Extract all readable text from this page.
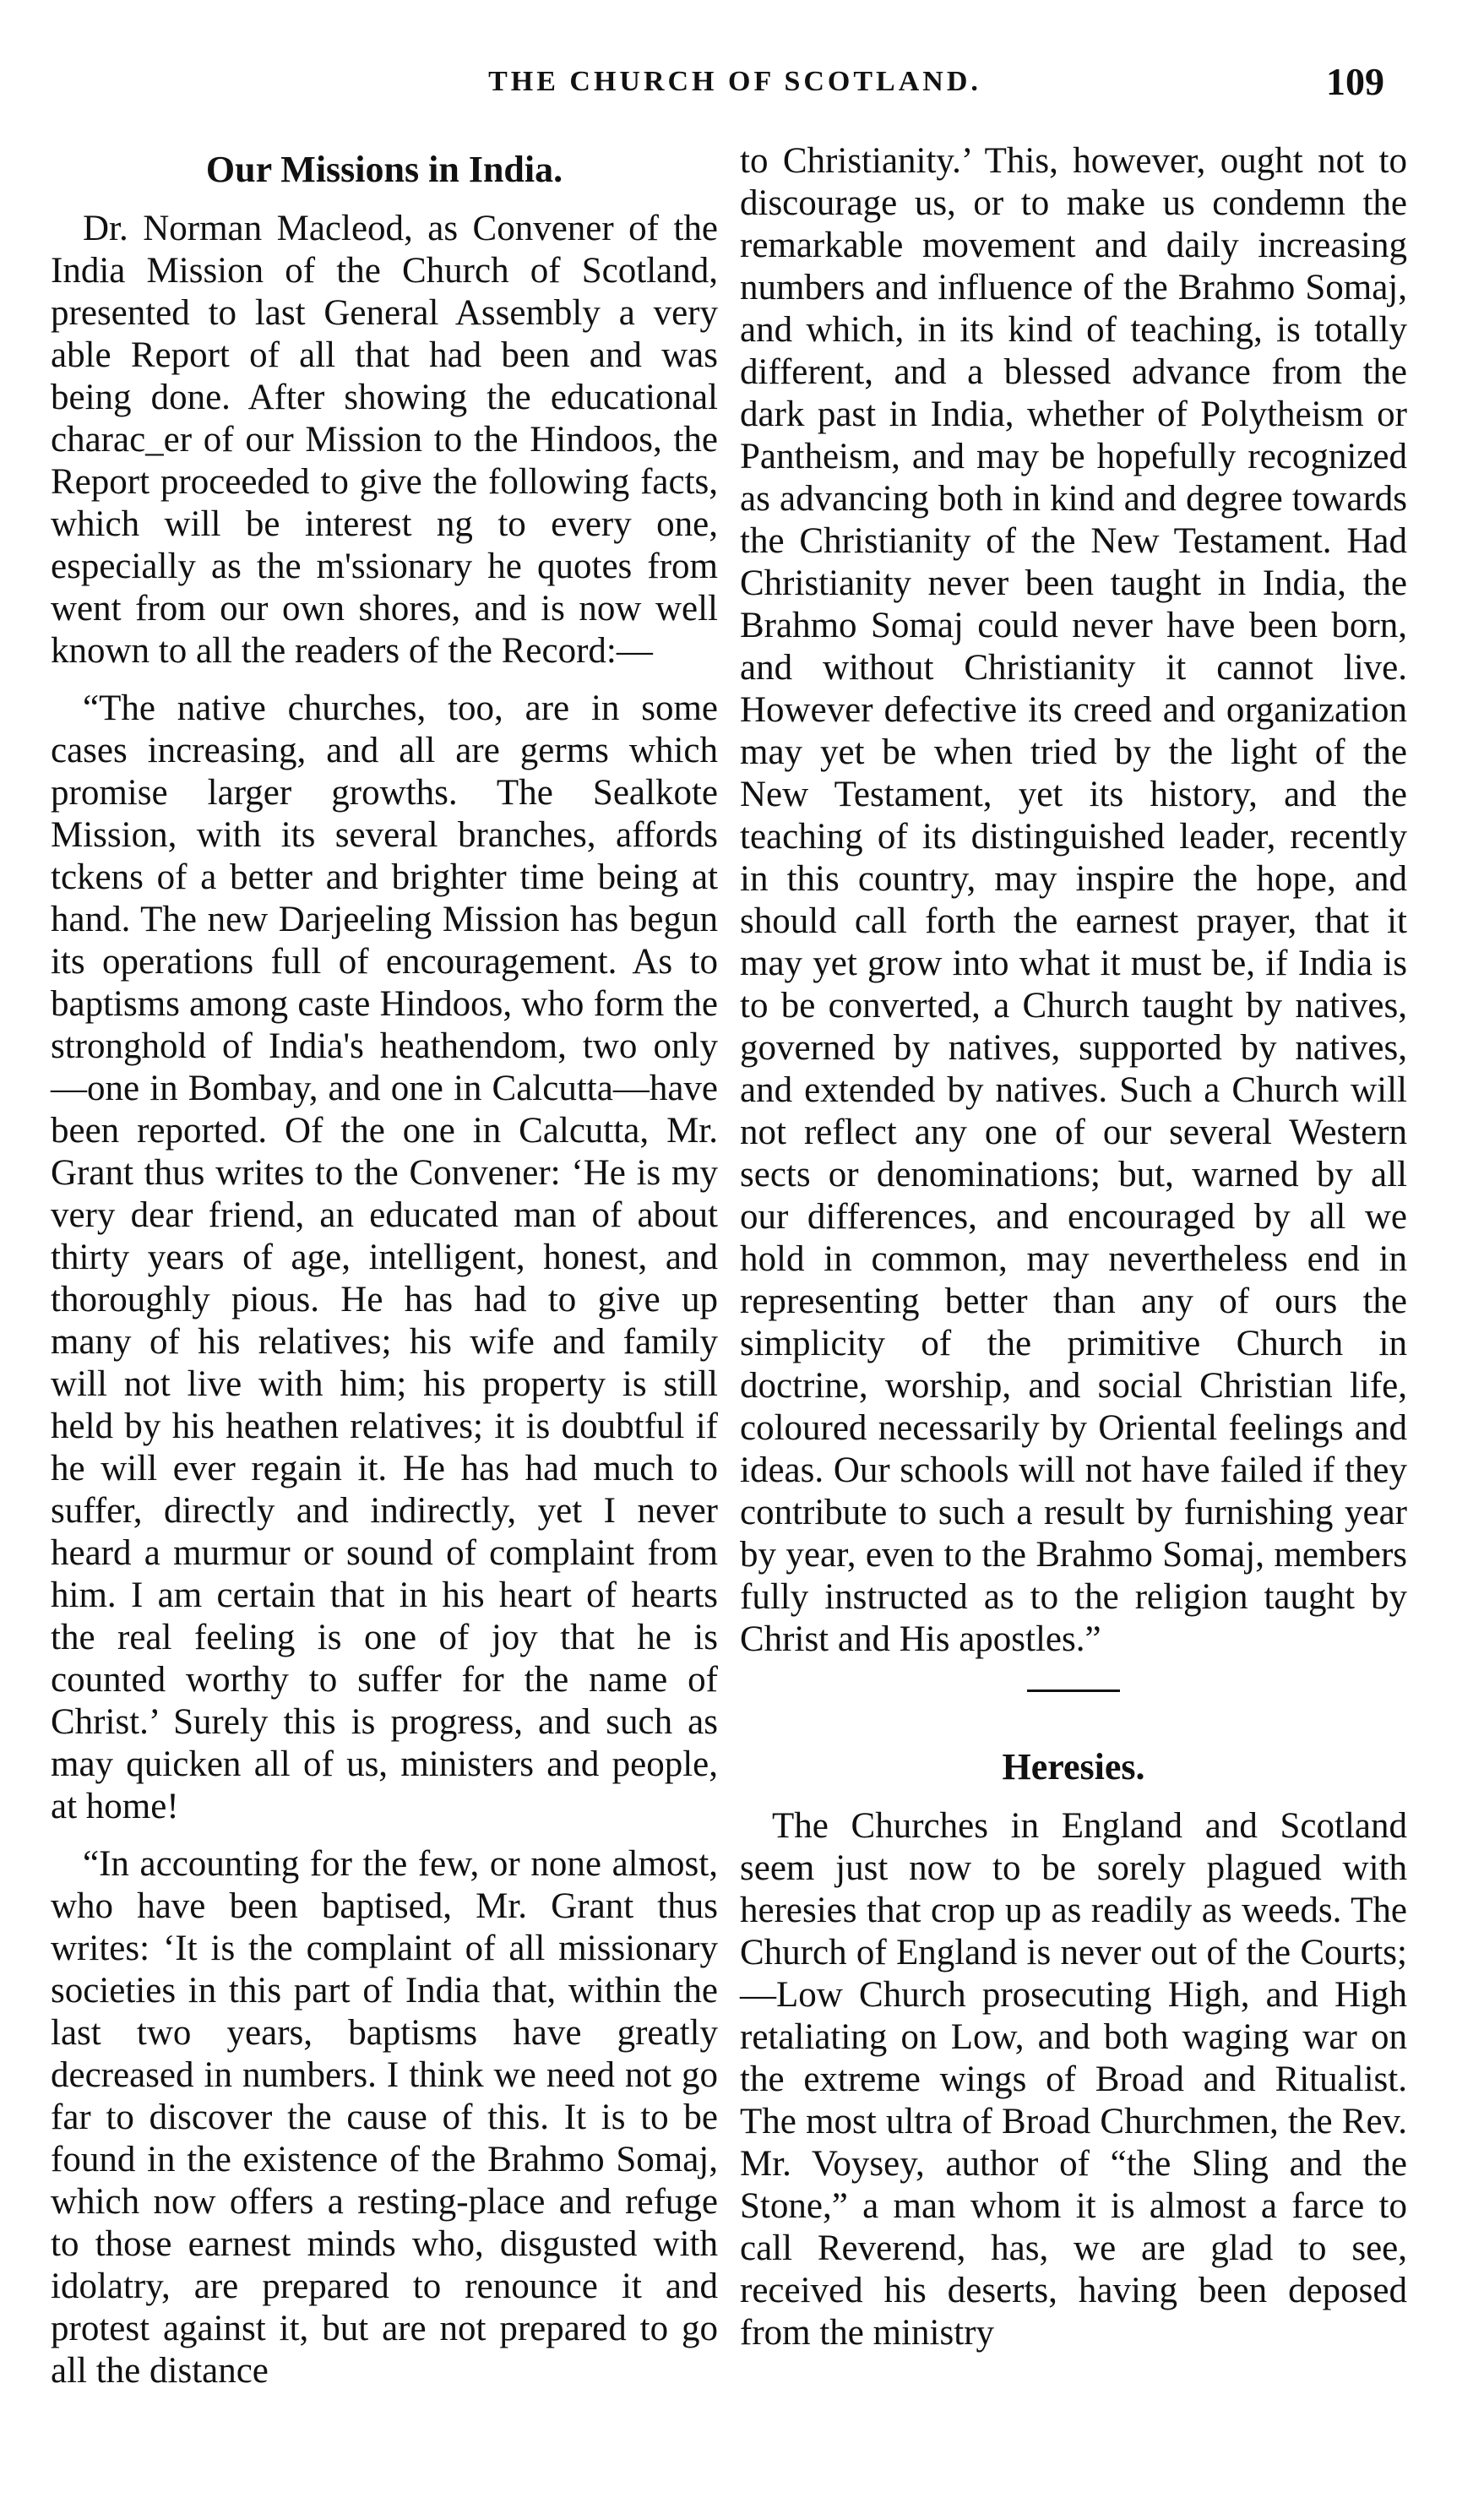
THE CHURCH OF SCOTLAND.	109
Our Missions in India.

Dr. Norman Macleod, as Convener of the India Mission of the Church of Scotland, presented to last General Assembly a very able Report of all that had been and was being done. After showing the educational charac_er of our Mission to the Hindoos, the Report proceeded to give the following facts, which will be interest ng to every one, especially as the m'ssionary he quotes from went from our own shores, and is now well known to all the readers of the Record:—

“The native churches, too, are in some cases increasing, and all are germs which promise larger growths. The Sealkote Mission, with its several branches, affords tckens of a better and brighter time being at hand. The new Darjeeling Mission has begun its operations full of encouragement. As to baptisms among caste Hindoos, who form the stronghold of India's heathendom, two only—one in Bombay, and one in Calcutta—have been reported. Of the one in Calcutta, Mr. Grant thus writes to the Convener: ‘He is my very dear friend, an educated man of about thirty years of age, intelligent, honest, and thoroughly pious. He has had to give up many of his relatives; his wife and family will not live with him; his property is still held by his heathen relatives; it is doubtful if he will ever regain it. He has had much to suffer, directly and indirectly, yet I never heard a murmur or sound of complaint from him. I am certain that in his heart of hearts the real feeling is one of joy that he is counted worthy to suffer for the name of Christ.’ Surely this is progress, and such as may quicken all of us, ministers and people, at home!

“In accounting for the few, or none almost, who have been baptised, Mr. Grant thus writes: ‘It is the complaint of all missionary societies in this part of India that, within the last two years, baptisms have greatly decreased in numbers. I think we need not go far to discover the cause of this. It is to be found in the existence of the Brahmo Somaj, which now offers a resting-place and refuge to those earnest minds who, disgusted with idolatry, are prepared to renounce it and protest against it, but are not prepared to go all the distance

to Christianity.’ This, however, ought not to discourage us, or to make us condemn the remarkable movement and daily increasing numbers and influence of the Brahmo Somaj, and which, in its kind of teaching, is totally different, and a blessed advance from the dark past in India, whether of Polytheism or Pantheism, and may be hopefully recognized as advancing both in kind and degree towards the Christianity of the New Testament. Had Christianity never been taught in India, the Brahmo Somaj could never have been born, and without Christianity it cannot live. However defective its creed and organization may yet be when tried by the light of the New Testament, yet its history, and the teaching of its distinguished leader, recently in this country, may inspire the hope, and should call forth the earnest prayer, that it may yet grow into what it must be, if India is to be converted, a Church taught by natives, governed by natives, supported by natives, and extended by natives. Such a Church will not reflect any one of our several Western sects or denominations; but, warned by all our differences, and encouraged by all we hold in common, may nevertheless end in representing better than any of ours the simplicity of the primitive Church in doctrine, worship, and social Christian life, coloured necessarily by Oriental feelings and ideas. Our schools will not have failed if they contribute to such a result by furnishing year by year, even to the Brahmo Somaj, members fully instructed as to the religion taught by Christ and His apostles.”

Heresies.

The Churches in England and Scotland seem just now to be sorely plagued with heresies that crop up as readily as weeds. The Church of England is never out of the Courts;—Low Church prosecuting High, and High retaliating on Low, and both waging war on the extreme wings of Broad and Ritualist. The most ultra of Broad Churchmen, the Rev. Mr. Voysey, author of “the Sling and the Stone,” a man whom it is almost a farce to call Reverend, has, we are glad to see, received his deserts, having been deposed from the ministry
